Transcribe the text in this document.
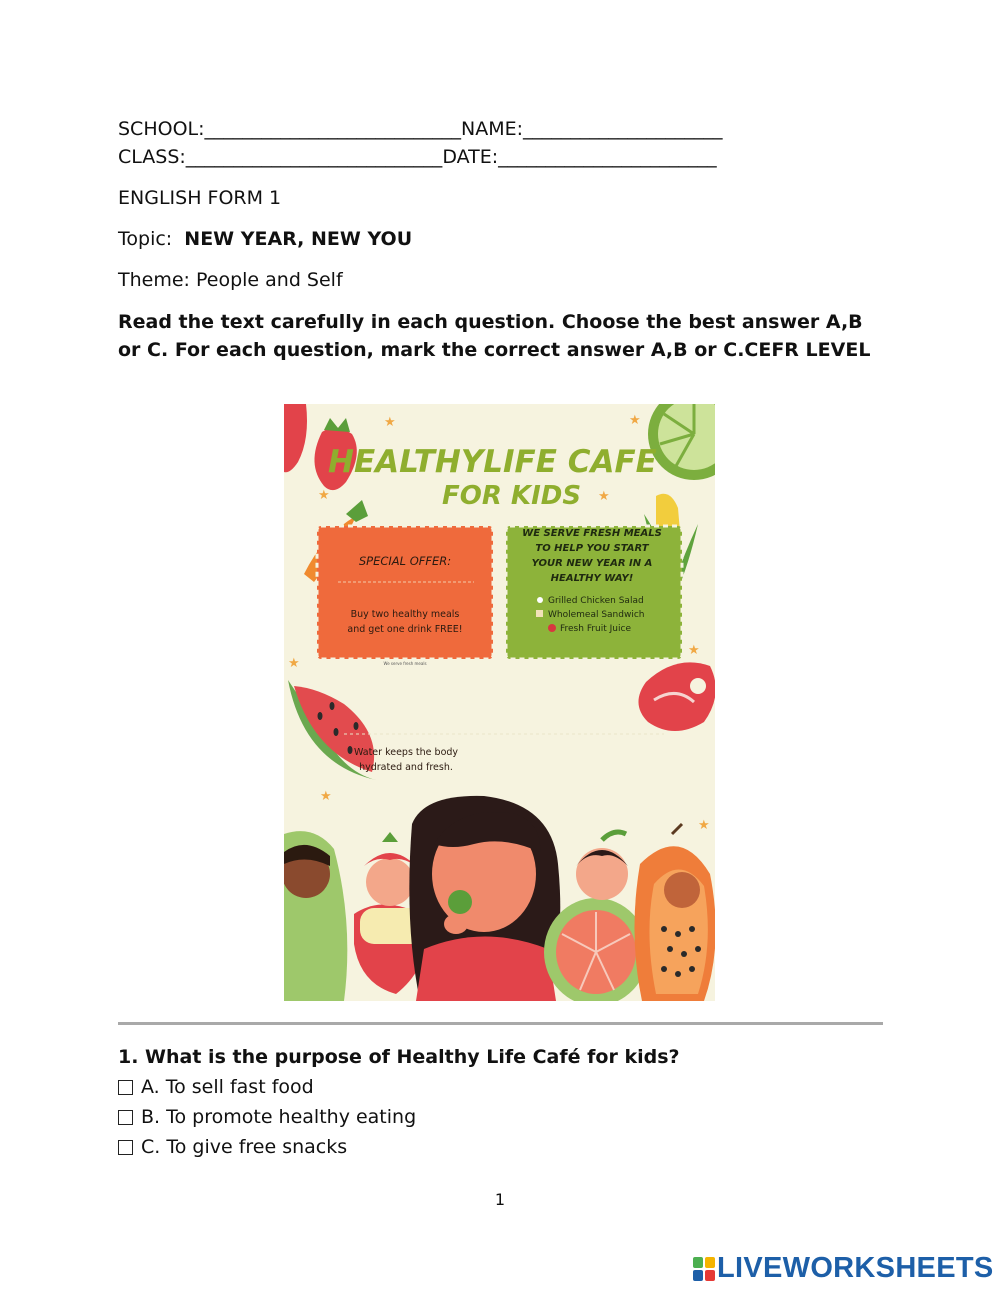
SCHOOL:___________________________NAME:_____________________
CLASS:___________________________DATE:_______________________
ENGLISH FORM 1
Topic: NEW YEAR, NEW YOU
Theme: People and Self
Read the text carefully in each question. Choose the best answer A,B or C. For each question, mark the correct answer A,B or C.CEFR LEVEL
★	★
★	★
★
★
★
★
HEALTHYLIFE CAFE
FOR KIDS
SPECIAL OFFER:
Buy two healthy meals
and get one drink FREE!
We serve fresh meals
WE SERVE FRESH MEALS
TO HELP YOU START
YOUR NEW YEAR IN A
HEALTHY WAY!
Grilled Chicken Salad
Wholemeal Sandwich
Fresh Fruit Juice
Water keeps the body
hydrated and fresh.
1. What is the purpose of Healthy Life Café for kids?
A. To sell fast food
B. To promote healthy eating
C. To give free snacks
1
LIVEWORKSHEETS
